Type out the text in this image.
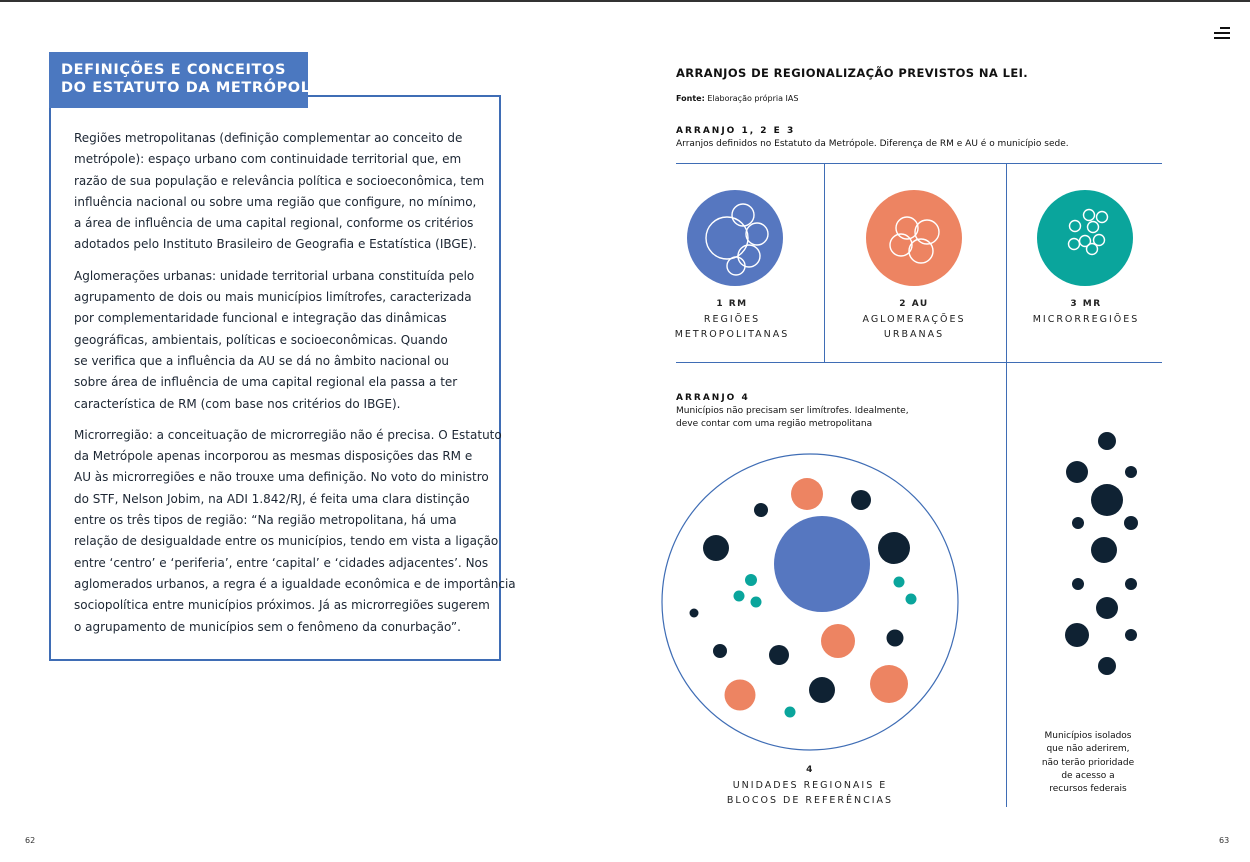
DEFINIÇÕES E CONCEITOS
DO ESTATUTO DA METRÓPOLE

Regiões metropolitanas (definição complementar ao conceito de
metrópole): espaço urbano com continuidade territorial que, em
razão de sua população e relevância política e socioeconômica, tem
influência nacional ou sobre uma região que configure, no mínimo,
a área de influência de uma capital regional, conforme os critérios
adotados pelo Instituto Brasileiro de Geografia e Estatística (IBGE).

Aglomerações urbanas: unidade territorial urbana constituída pelo
agrupamento de dois ou mais municípios limítrofes, caracterizada
por complementaridade funcional e integração das dinâmicas
geográficas, ambientais, políticas e socioeconômicas. Quando
se verifica que a influência da AU se dá no âmbito nacional ou
sobre área de influência de uma capital regional ela passa a ter
característica de RM (com base nos critérios do IBGE).

Microrregião: a conceituação de microrregião não é precisa. O Estatuto
da Metrópole apenas incorporou as mesmas disposições das RM e
AU às microrregiões e não trouxe uma definição. No voto do ministro
do STF, Nelson Jobim, na ADI 1.842/RJ, é feita uma clara distinção
entre os três tipos de região: “Na região metropolitana, há uma
relação de desigualdade entre os municípios, tendo em vista a ligação
entre ‘centro’ e ‘periferia’, entre ‘capital’ e ‘cidades adjacentes’. Nos
aglomerados urbanos, a regra é a igualdade econômica e de importância
sociopolítica entre municípios próximos. Já as microrregiões sugerem
o agrupamento de municípios sem o fenômeno da conurbação”.

62
ARRANJOS DE REGIONALIZAÇÃO PREVISTOS NA LEI.
Fonte: Elaboração própria IAS
ARRANJO 1, 2 E 3
Arranjos definidos no Estatuto da Metrópole. Diferença de RM e AU é o município sede.
1 RM
REGIÕES
METROPOLITANAS
2 AU
AGLOMERAÇÕES
URBANAS
3 MR
MICRORREGIÕES
ARRANJO 4
Municípios não precisam ser limítrofes. Idealmente,
deve contar com uma região metropolitana
4
UNIDADES REGIONAIS E
BLOCOS DE REFERÊNCIAS
Municípios isolados
que não aderirem,
não terão prioridade
de acesso a
recursos federais
63
